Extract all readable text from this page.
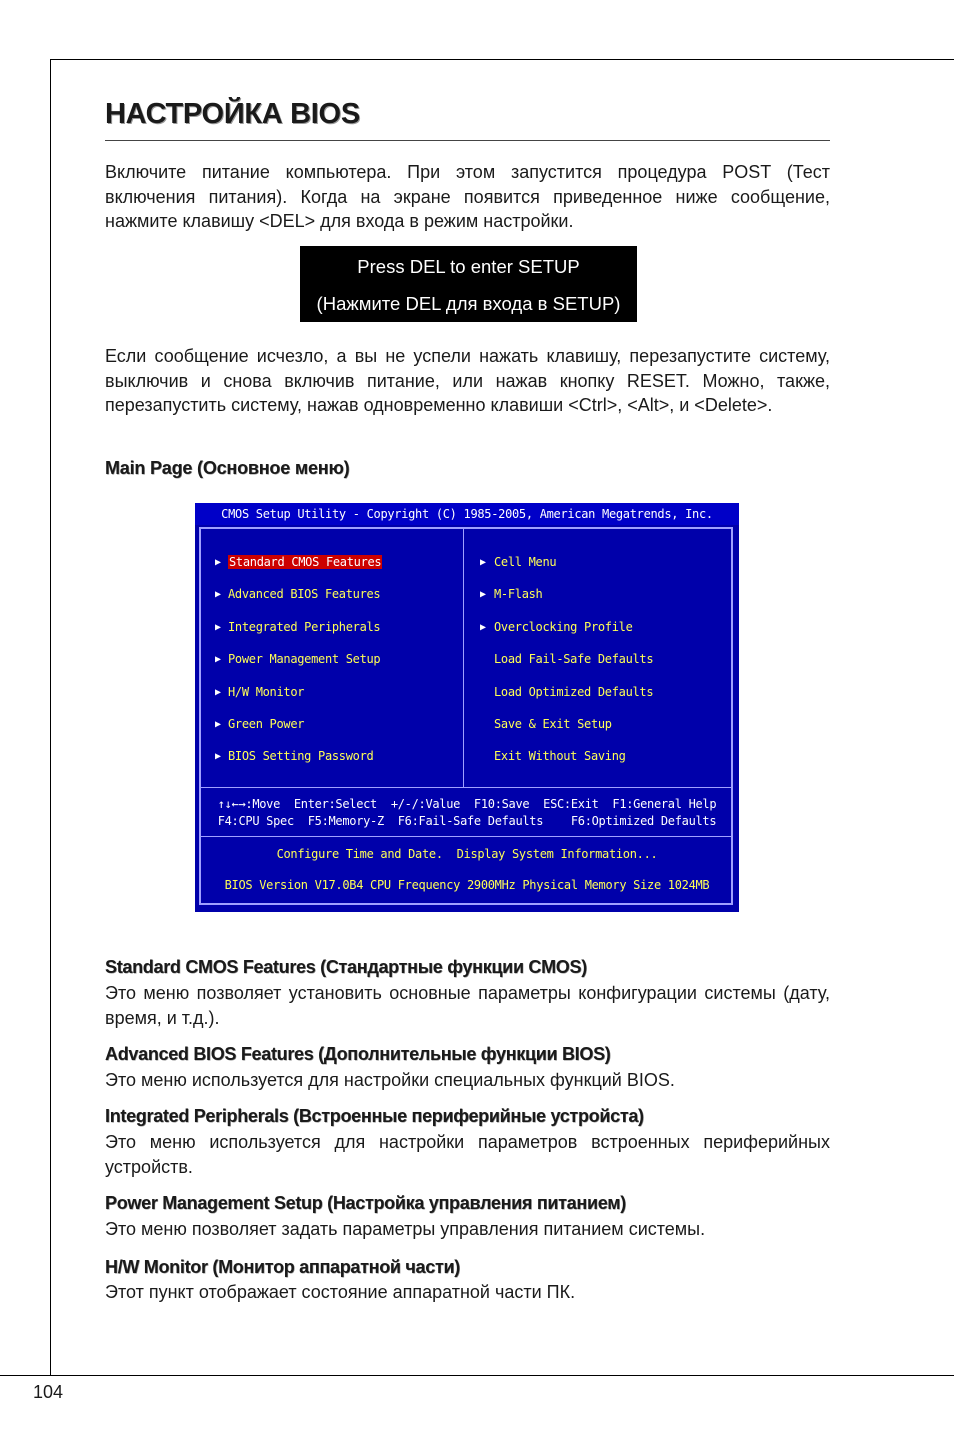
НАСТРОЙКА BIOS

Включите питание компьютера. При этом запустится процедура POST (Тест включения питания). Когда на экране появится приведенное ниже сообщение, нажмите клавишу <DEL> для входа в режим настройки.

Press DEL to enter SETUP
(Нажмите DEL для входа в SETUP)

Если сообщение исчезло, а вы не успели нажать клавишу, перезапустите систему, выключив и снова включив питание, или нажав кнопку RESET. Можно, также, перезапустить систему, нажав одновременно клавиши <Ctrl>, <Alt>, и <Delete>.

Main Page (Основное меню)
CMOS Setup Utility - Copyright (C) 1985-2005, American Megatrends, Inc.
▶ Standard CMOS Features
▶ Advanced BIOS Features
▶ Integrated Peripherals
▶ Power Management Setup
▶ H/W Monitor
▶ Green Power
▶ BIOS Setting Password
▶ Cell Menu
▶ M-Flash
▶ Overclocking Profile
Load Fail-Safe Defaults
Load Optimized Defaults
Save & Exit Setup
Exit Without Saving
↑↓←→:Move  Enter:Select  +/-/:Value  F10:Save  ESC:Exit  F1:General Help
F4:CPU Spec  F5:Memory-Z  F6:Fail-Safe Defaults    F6:Optimized Defaults
Configure Time and Date.  Display System Information...
BIOS Version V17.0B4 CPU Frequency 2900MHz Physical Memory Size 1024MB
Standard CMOS Features (Стандартные функции CMOS)

Это меню позволяет установить основные параметры конфигурации системы (дату, время, и т.д.).

Advanced BIOS Features (Дополнительные функции BIOS)

Это меню используется для настройки специальных функций BIOS.

Integrated Peripherals (Встроенные периферийные устройста)

Это меню используется для настройки параметров встроенных периферийных устройств.

Power Management Setup (Настройка управления питанием)

Это меню позволяет задать параметры управления питанием системы.

H/W Monitor (Монитор аппаратной части)

Этот пункт отображает состояние аппаратной части ПК.

104
